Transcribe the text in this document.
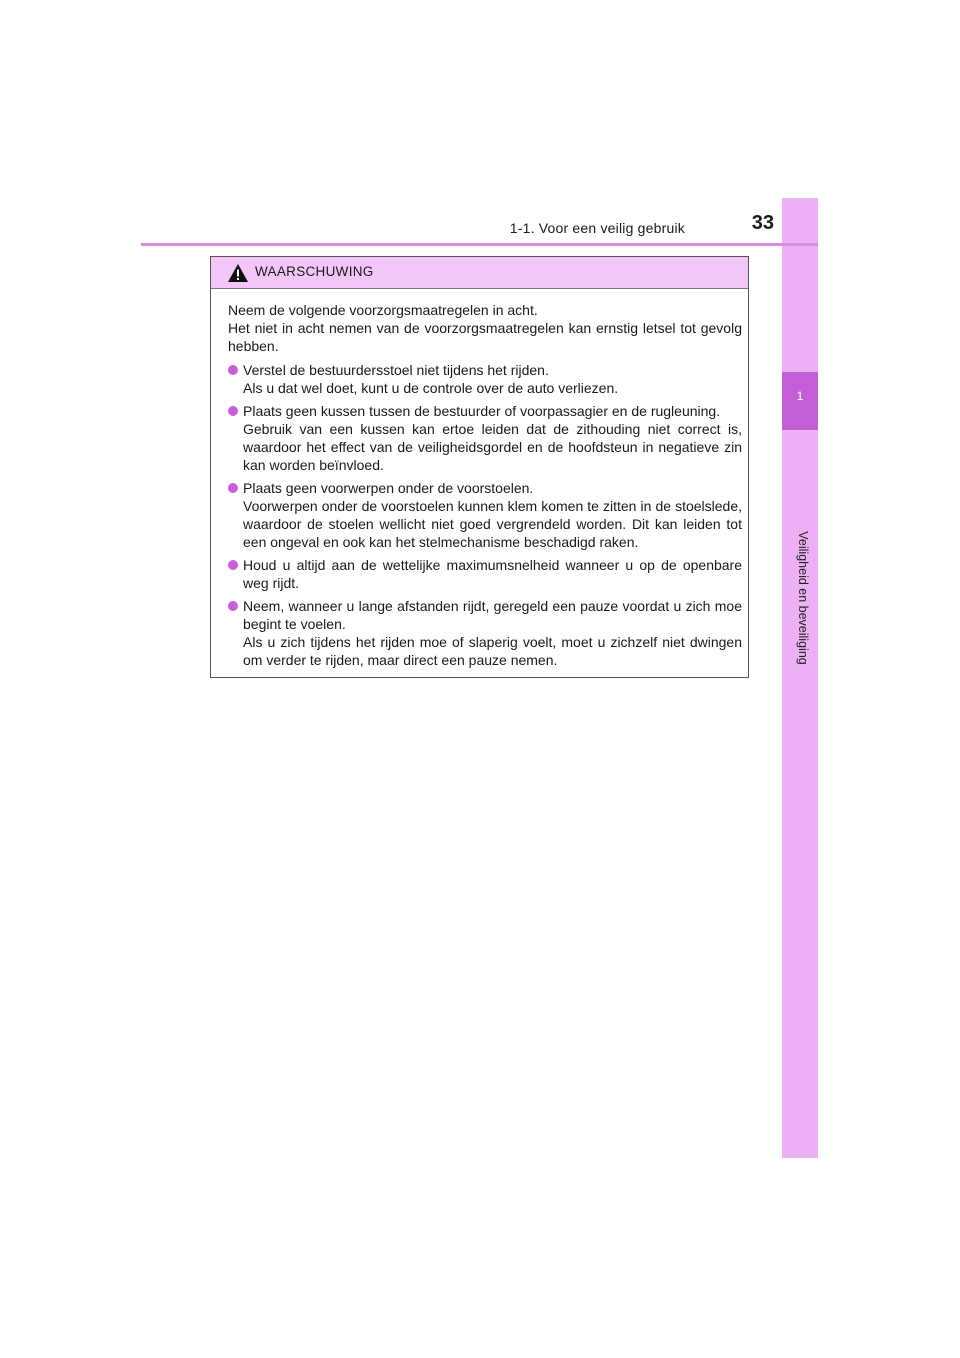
1
Veiligheid en beveiliging
1-1. Voor een veilig gebruik	33
WAARSCHUWING

Neem de volgende voorzorgsmaatregelen in acht.

Het niet in acht nemen van de voorzorgsmaatregelen kan ernstig letsel tot gevolg hebben.

Verstel de bestuurdersstoel niet tijdens het rijden.

Als u dat wel doet, kunt u de controle over de auto verliezen.

Plaats geen kussen tussen de bestuurder of voorpassagier en de rugleuning.

Gebruik van een kussen kan ertoe leiden dat de zithouding niet correct is, waardoor het effect van de veiligheidsgordel en de hoofdsteun in negatieve zin kan worden beïnvloed.

Plaats geen voorwerpen onder de voorstoelen.

Voorwerpen onder de voorstoelen kunnen klem komen te zitten in de stoelslede, waardoor de stoelen wellicht niet goed vergrendeld worden. Dit kan leiden tot een ongeval en ook kan het stelmechanisme beschadigd raken.

Houd u altijd aan de wettelijke maximumsnelheid wanneer u op de openbare weg rijdt.

Neem, wanneer u lange afstanden rijdt, geregeld een pauze voordat u zich moe begint te voelen.

Als u zich tijdens het rijden moe of slaperig voelt, moet u zichzelf niet dwingen om verder te rijden, maar direct een pauze nemen.
